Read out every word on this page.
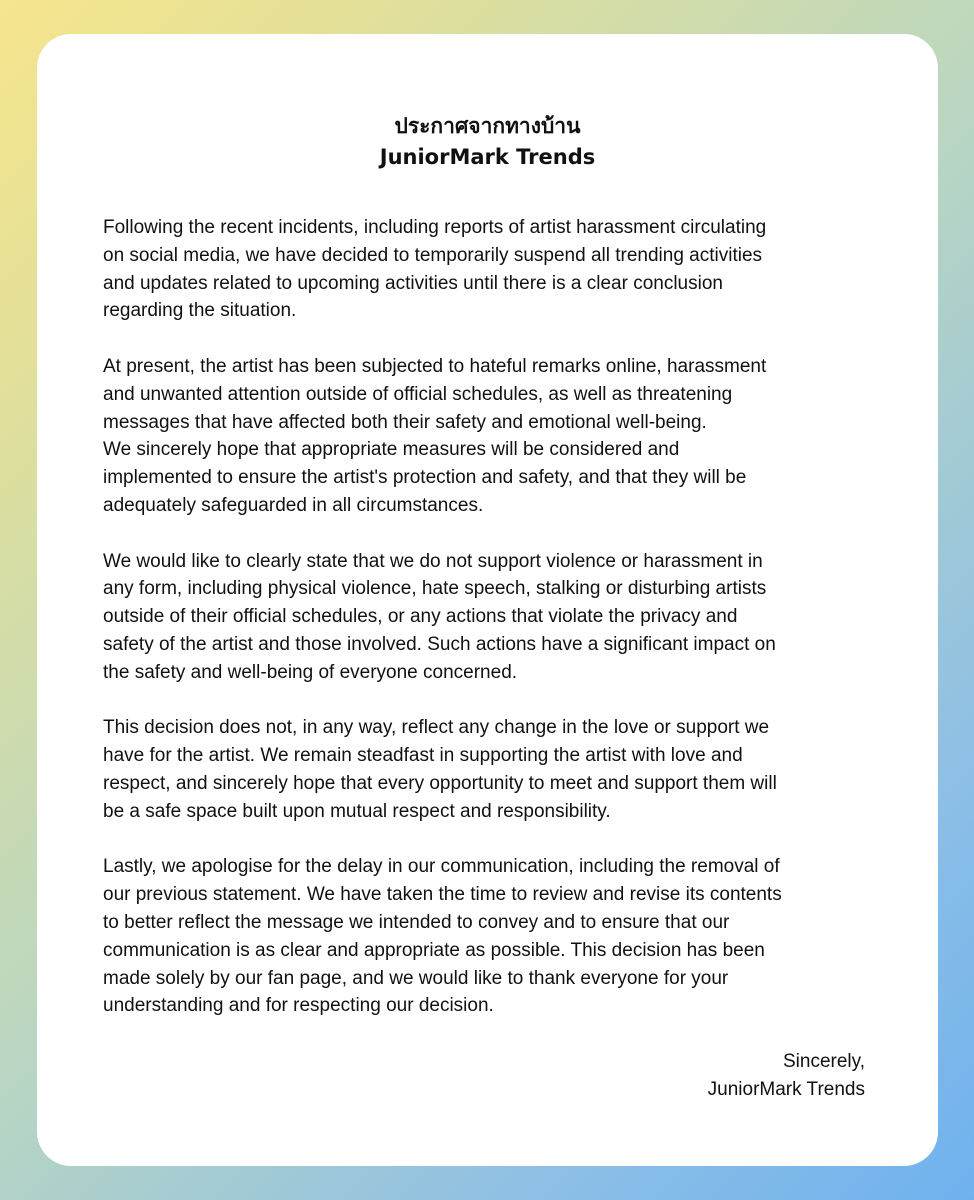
ประกาศจากทางบ้าน
JuniorMark Trends

Following the recent incidents, including reports of artist harassment circulating
on social media, we have decided to temporarily suspend all trending activities
and updates related to upcoming activities until there is a clear conclusion
regarding the situation.

At present, the artist has been subjected to hateful remarks online, harassment
and unwanted attention outside of official schedules, as well as threatening
messages that have affected both their safety and emotional well-being.
We sincerely hope that appropriate measures will be considered and
implemented to ensure the artist's protection and safety, and that they will be
adequately safeguarded in all circumstances.

We would like to clearly state that we do not support violence or harassment in
any form, including physical violence, hate speech, stalking or disturbing artists
outside of their official schedules, or any actions that violate the privacy and
safety of the artist and those involved. Such actions have a significant impact on
the safety and well-being of everyone concerned.

This decision does not, in any way, reflect any change in the love or support we
have for the artist. We remain steadfast in supporting the artist with love and
respect, and sincerely hope that every opportunity to meet and support them will
be a safe space built upon mutual respect and responsibility.

Lastly, we apologise for the delay in our communication, including the removal of
our previous statement. We have taken the time to review and revise its contents
to better reflect the message we intended to convey and to ensure that our
communication is as clear and appropriate as possible. This decision has been
made solely by our fan page, and we would like to thank everyone for your
understanding and for respecting our decision.

Sincerely,
JuniorMark Trends
